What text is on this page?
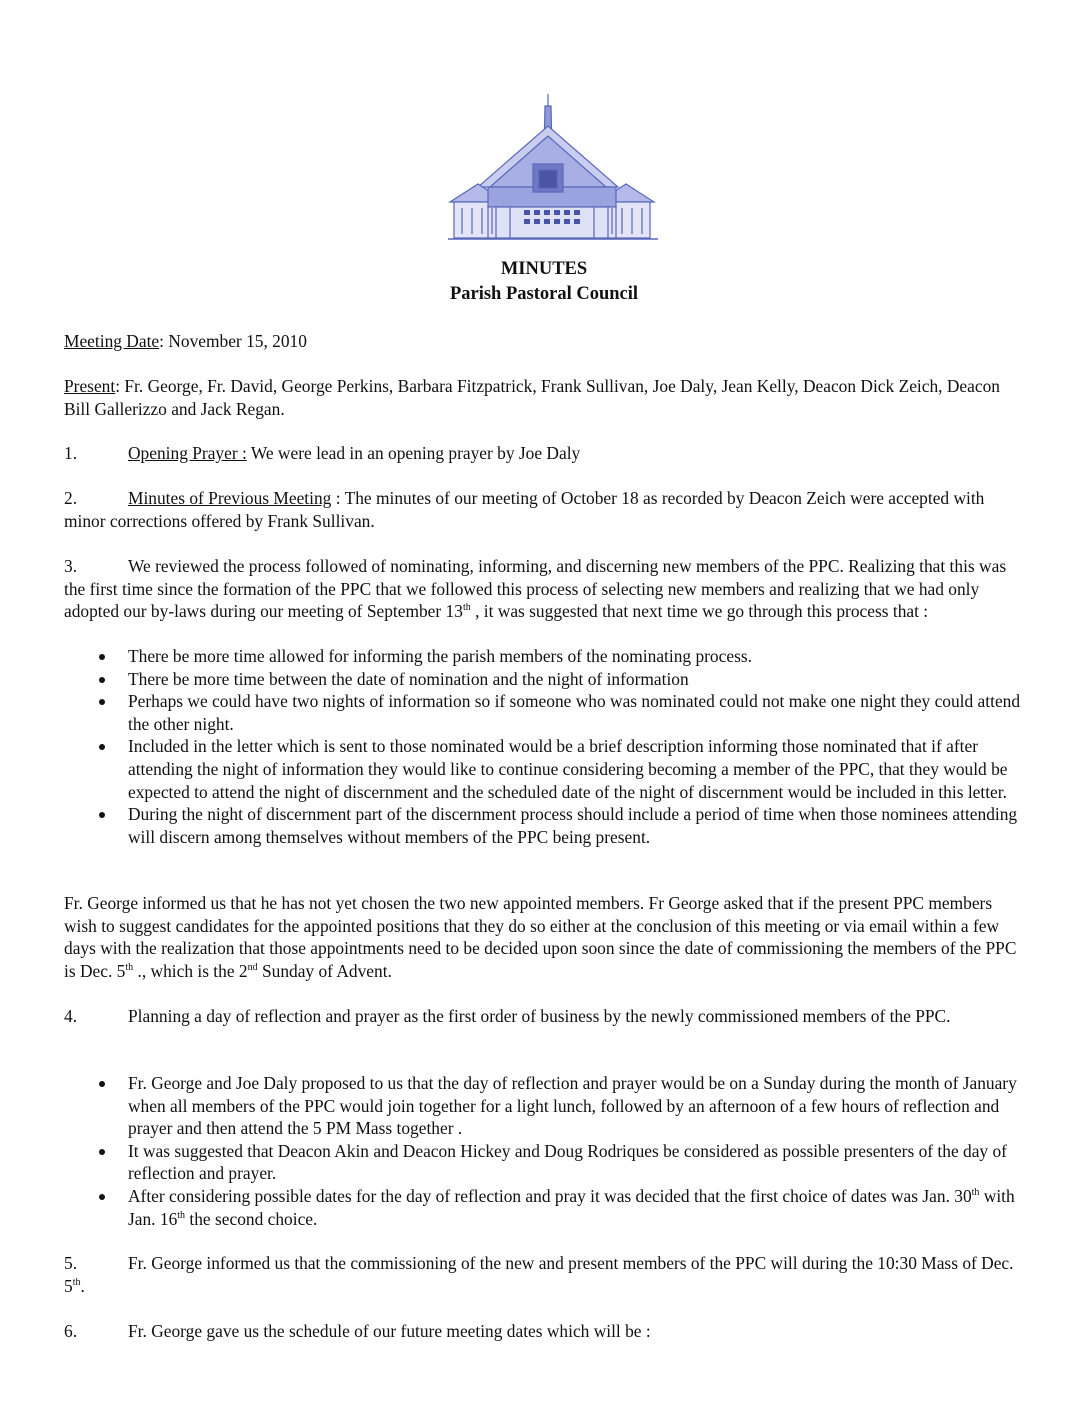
MINUTES
Parish Pastoral Council

Meeting Date: November 15, 2010

Present: Fr. George, Fr. David, George Perkins, Barbara Fitzpatrick, Frank Sullivan, Joe Daly, Jean Kelly, Deacon Dick Zeich, Deacon Bill Gallerizzo and Jack Regan.

1.	Opening Prayer : We were lead in an opening prayer by Joe Daly

2.	Minutes of Previous Meeting : The minutes of our meeting of October 18 as recorded by Deacon Zeich were accepted with minor corrections offered by Frank Sullivan.

3.	We reviewed the process followed of nominating, informing, and discerning new members of the PPC. Realizing that this was the first time since the formation of the PPC that we followed this process of selecting new members and realizing that we had only adopted our by-laws during our meeting of September 13th , it was suggested that next time we go through this process that :

There be more time allowed for informing the parish members of the nominating process.
There be more time between the date of nomination and the night of information
Perhaps we could have two nights of information so if someone who was nominated could not make one night they could attend the other night.
Included in the letter which is sent to those nominated would be a brief description informing those nominated that if after attending the night of information they would like to continue considering becoming a member of the PPC, that they would be expected to attend the night of discernment and the scheduled date of the night of discernment would be included in this letter.
During the night of discernment part of the discernment process should include a period of time when those nominees attending will discern among themselves without members of the PPC being present.

Fr. George informed us that he has not yet chosen the two new appointed members. Fr George asked that if the present PPC members wish to suggest candidates for the appointed positions that they do so either at the conclusion of this meeting or via email within a few days with the realization that those appointments need to be decided upon soon since the date of commissioning the members of the PPC is Dec. 5th ., which is the 2nd Sunday of Advent.

4.	Planning a day of reflection and prayer as the first order of business by the newly commissioned members of the PPC.

Fr. George and Joe Daly proposed to us that the day of reflection and prayer would be on a Sunday during the month of January when all members of the PPC would join together for a light lunch, followed by an afternoon of a few hours of reflection and prayer and then attend the 5 PM Mass together .
It was suggested that Deacon Akin and Deacon Hickey and Doug Rodriques be considered as possible presenters of the day of reflection and prayer.
After considering possible dates for the day of reflection and pray it was decided that the first choice of dates was Jan. 30th with Jan. 16th the second choice.

5.	Fr. George informed us that the commissioning of the new and present members of the PPC will during the 10:30 Mass of Dec. 5th.

6.	Fr. George gave us the schedule of our future meeting dates which will be :
